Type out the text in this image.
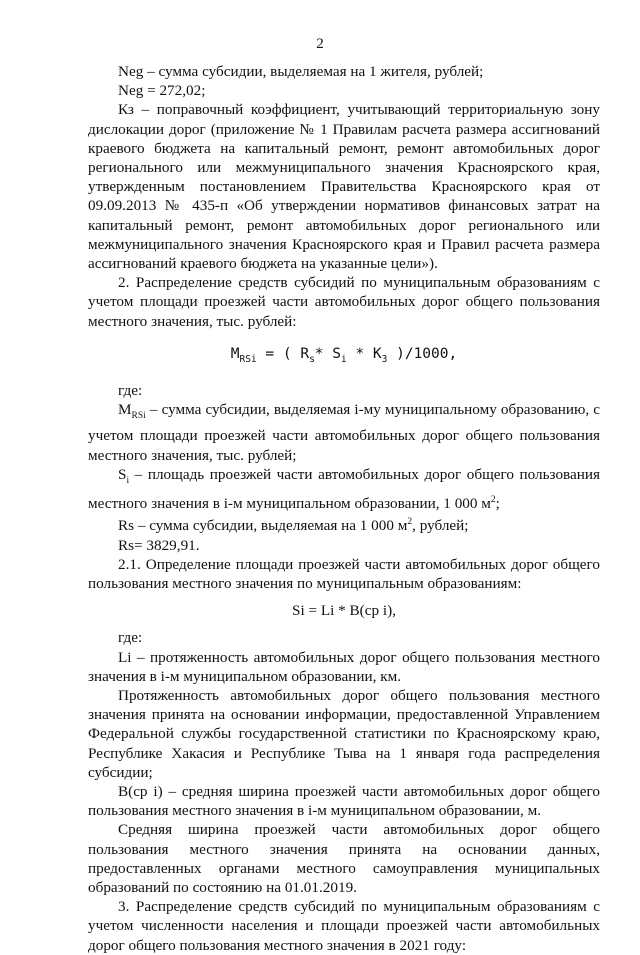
2

Neg – сумма субсидии, выделяемая на 1 жителя, рублей;

Neg = 272,02;

Кз – поправочный коэффициент, учитывающий территориальную зону дислокации дорог (приложение № 1 Правилам расчета размера ассигнований краевого бюджета на капитальный ремонт, ремонт автомобильных дорог регионального или межмуниципального значения Красноярского края, утвержденным постановлением Правительства Красноярского края от 09.09.2013 № 435-п «Об утверждении нормативов финансовых затрат на капитальный ремонт, ремонт автомобильных дорог регионального или межмуниципального значения Красноярского края и Правил расчета размера ассигнований краевого бюджета на указанные цели»).

2. Распределение средств субсидий по муниципальным образованиям с учетом площади проезжей части автомобильных дорог общего пользования местного значения, тыс. рублей:

$M_{RSi}$ = ( $R_s*$ $S_i * K_З$ )/1000,

где:

$M_{RSi}$ – сумма субсидии, выделяемая i-му муниципальному образованию, с учетом площади проезжей части автомобильных дорог общего пользования местного значения, тыс. рублей;

$S_i$ – площадь проезжей части автомобильных дорог общего пользования местного значения в i-м муниципальном образовании, 1 000 $м^2$;

Rs – сумма субсидии, выделяемая на 1 000 $м^2$, рублей;

Rs= 3829,91.

2.1. Определение площади проезжей части автомобильных дорог общего пользования местного значения по муниципальным образованиям:

Si = Li * В(ср i),

где:

Li – протяженность автомобильных дорог общего пользования местного значения в i-м муниципальном образовании, км.

Протяженность автомобильных дорог общего пользования местного значения принята на основании информации, предоставленной Управлением Федеральной службы государственной статистики по Красноярскому краю, Республике Хакасия и Республике Тыва на 1 января года распределения субсидии;

В(ср i) – средняя ширина проезжей части автомобильных дорог общего пользования местного значения в i-м муниципальном образовании, м.

Средняя ширина проезжей части автомобильных дорог общего пользования местного значения принята на основании данных, предоставленных органами местного самоуправления муниципальных образований по состоянию на 01.01.2019.

3. Распределение средств субсидий по муниципальным образованиям с учетом численности населения и площади проезжей части автомобильных дорог общего пользования местного значения в 2021 году:
